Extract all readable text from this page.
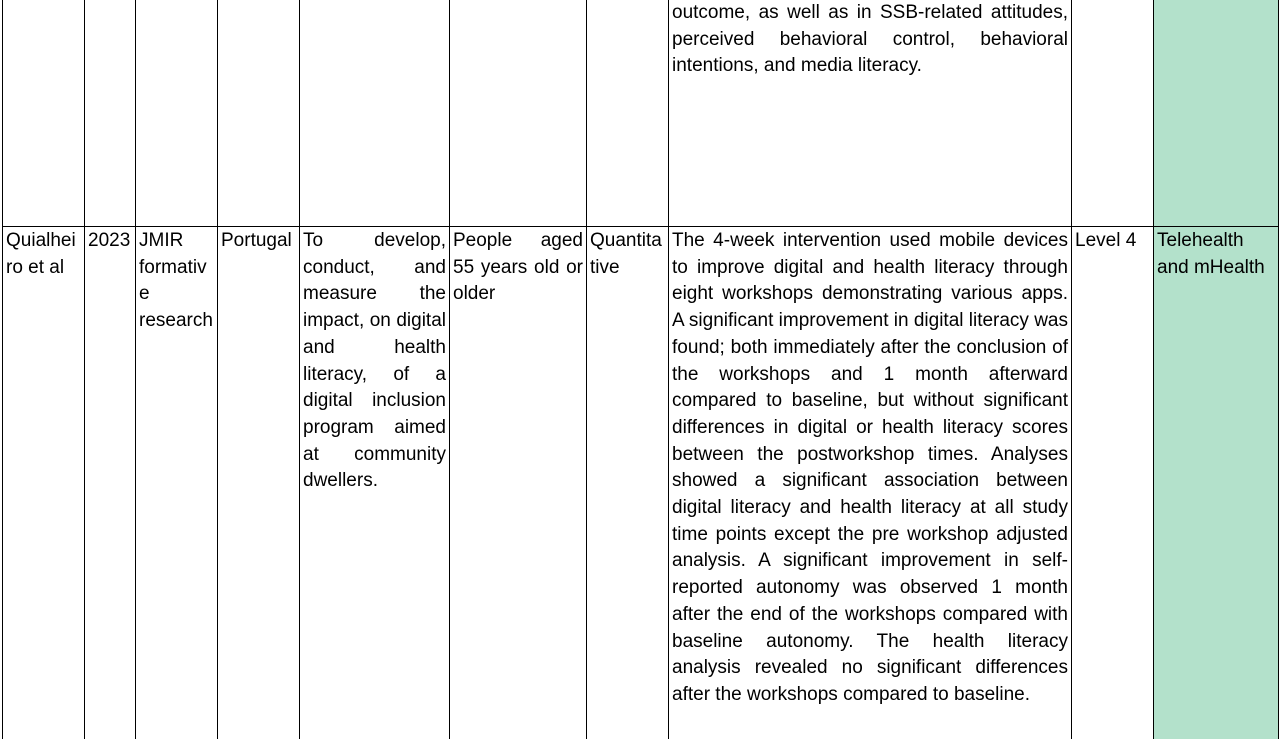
							outcome, as well as in SSB-related attitudes, perceived behavioral control, behavioral intentions, and media literacy.		

Quialheiro et al	2023	JMIR formative research	Portugal	To develop, conduct, and measure the impact, on digital and health literacy, of a digital inclusion program aimed at community dwellers.	People aged 55 years old or older	Quantitative	The 4-week intervention used mobile devices to improve digital and health literacy through eight workshops demonstrating various apps. A significant improvement in digital literacy was found; both immediately after the conclusion of the workshops and 1 month afterward compared to baseline, but without significant differences in digital or health literacy scores between the postworkshop times. Analyses showed a significant association between digital literacy and health literacy at all study time points except the pre workshop adjusted analysis. A significant improvement in self-reported autonomy was observed 1 month after the end of the workshops compared with baseline autonomy. The health literacy analysis revealed no significant differences after the workshops compared to baseline.	Level 4	Telehealth and mHealth
